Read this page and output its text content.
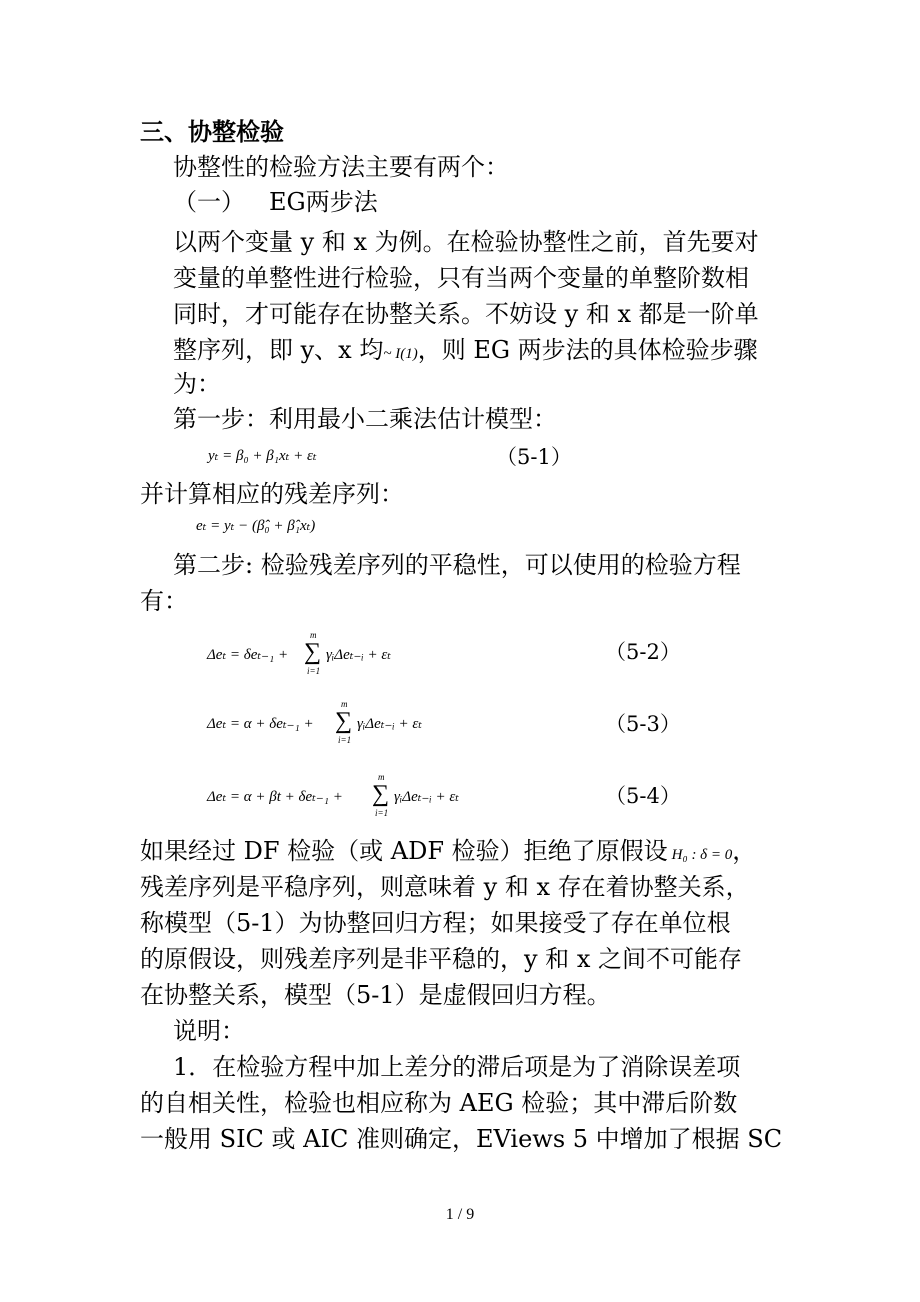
三、协整检验
协整性的检验方法主要有两个：
（一） EG两步法
以两个变量 y 和 x 为例。在检验协整性之前，首先要对
变量的单整性进行检验，只有当两个变量的单整阶数相
同时，才可能存在协整关系。不妨设 y 和 x 都是一阶单
整序列，即 y、x 均~ I(1)，则 EG 两步法的具体检验步骤
为：
第一步：利用最小二乘法估计模型：
yₜ = β₀ + β₁xₜ + εₜ	（5-1）
并计算相应的残差序列：
eₜ = yₜ − (β̂₀ + β̂₁xₜ)
第二步: 检验残差序列的平稳性，可以使用的检验方程
有：
Δeₜ = δeₜ₋₁ +
m
∑
i=1
γᵢΔeₜ₋ᵢ + εₜ	（5-2）
Δeₜ = α + δeₜ₋₁ +
m
∑
i=1
γᵢΔeₜ₋ᵢ + εₜ	（5-3）
Δeₜ = α + βt + δeₜ₋₁ +
m
∑
i=1
γᵢΔeₜ₋ᵢ + εₜ	（5-4）
如果经过 DF 检验（或 ADF 检验）拒绝了原假设 H₀ : δ = 0，
残差序列是平稳序列，则意味着 y 和 x 存在着协整关系，
称模型（5-1）为协整回归方程；如果接受了存在单位根
的原假设，则残差序列是非平稳的，y 和 x 之间不可能存
在协整关系，模型（5-1）是虚假回归方程。
说明：
1．在检验方程中加上差分的滞后项是为了消除误差项
的自相关性，检验也相应称为 AEG 检验；其中滞后阶数
一般用 SIC 或 AIC 准则确定，EViews 5 中增加了根据 SC
1 / 9
